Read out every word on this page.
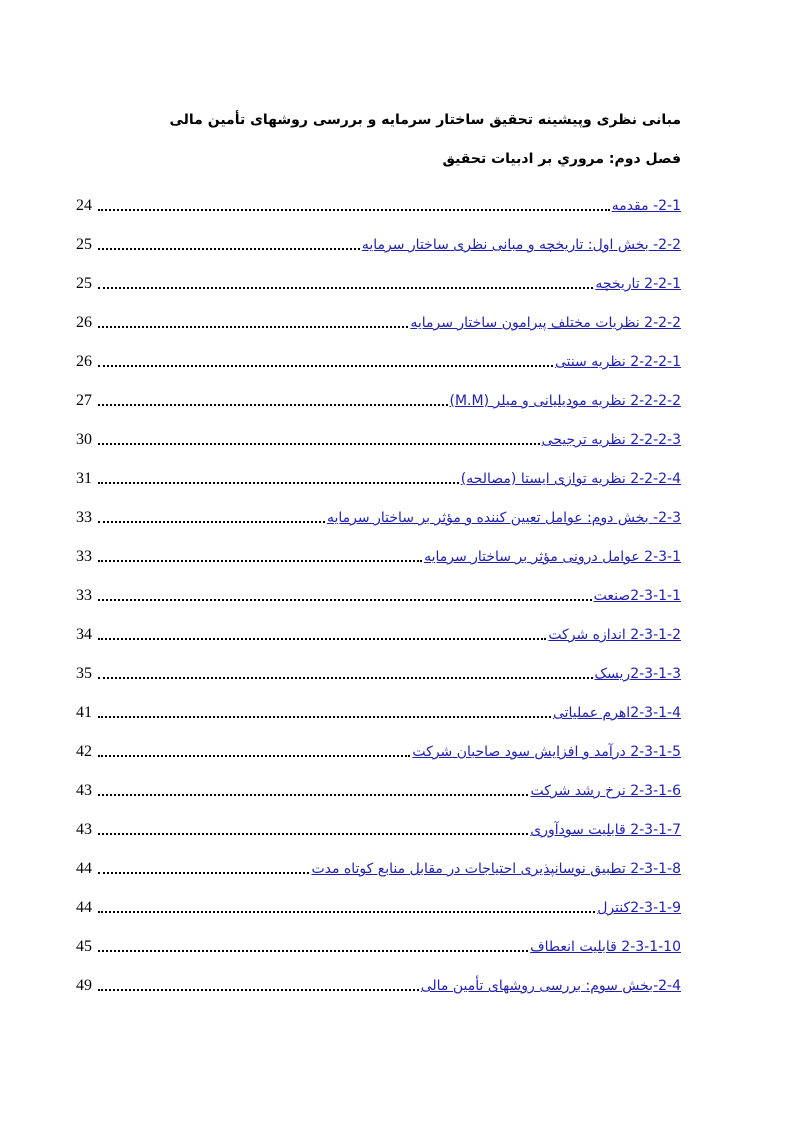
مبانی نظری وپیشینه تحقیق ساختار سرمایه و بررسی روشهای تأمین مالی
فصل دوم: مروري بر ادبيات تحقيق
24	2-1- مقدمه
25	2-2- بخش اول: تاریخچه و مبانی نظری ساختار سرمایه
25	2-2-1 تاریخچه
26	2-2-2 نظریات مختلف پیرامون ساختار سرمایه
26	2-2-2-1 نظریه سنتی
27	2-2-2-2 نظریه مودیلیانی و میلر (M.M)
30	2-2-2-3 نظریه ترجیحی
31	2-2-2-4 نظریه توازی ایستا (مصالحه)
33	2-3- بخش دوم: عوامل تعیین کننده و مؤثر بر ساختار سرمایه
33	2-3-1 عوامل درونی مؤثر بر ساختار سرمایه
33	2-3-1-1صنعت
34	2-3-1-2 اندازه شرکت
35	2-3-1-3ریسک
41	2-3-1-4اهرم عملیاتی
42	2-3-1-5 درآمد و افزایش سود صاحبان شرکت
43	2-3-1-6 نرخ رشد شرکت
43	2-3-1-7 قابلیت سودآوری
44	2-3-1-8 تطبیق نوسانپذیری احتیاجات در مقابل منابع کوتاه مدت
44	2-3-1-9کنترل
45	2-3-1-10 قابلیت انعطاف
49	2-4-بخش سوم: بررسی روشهای تأمین مالی
